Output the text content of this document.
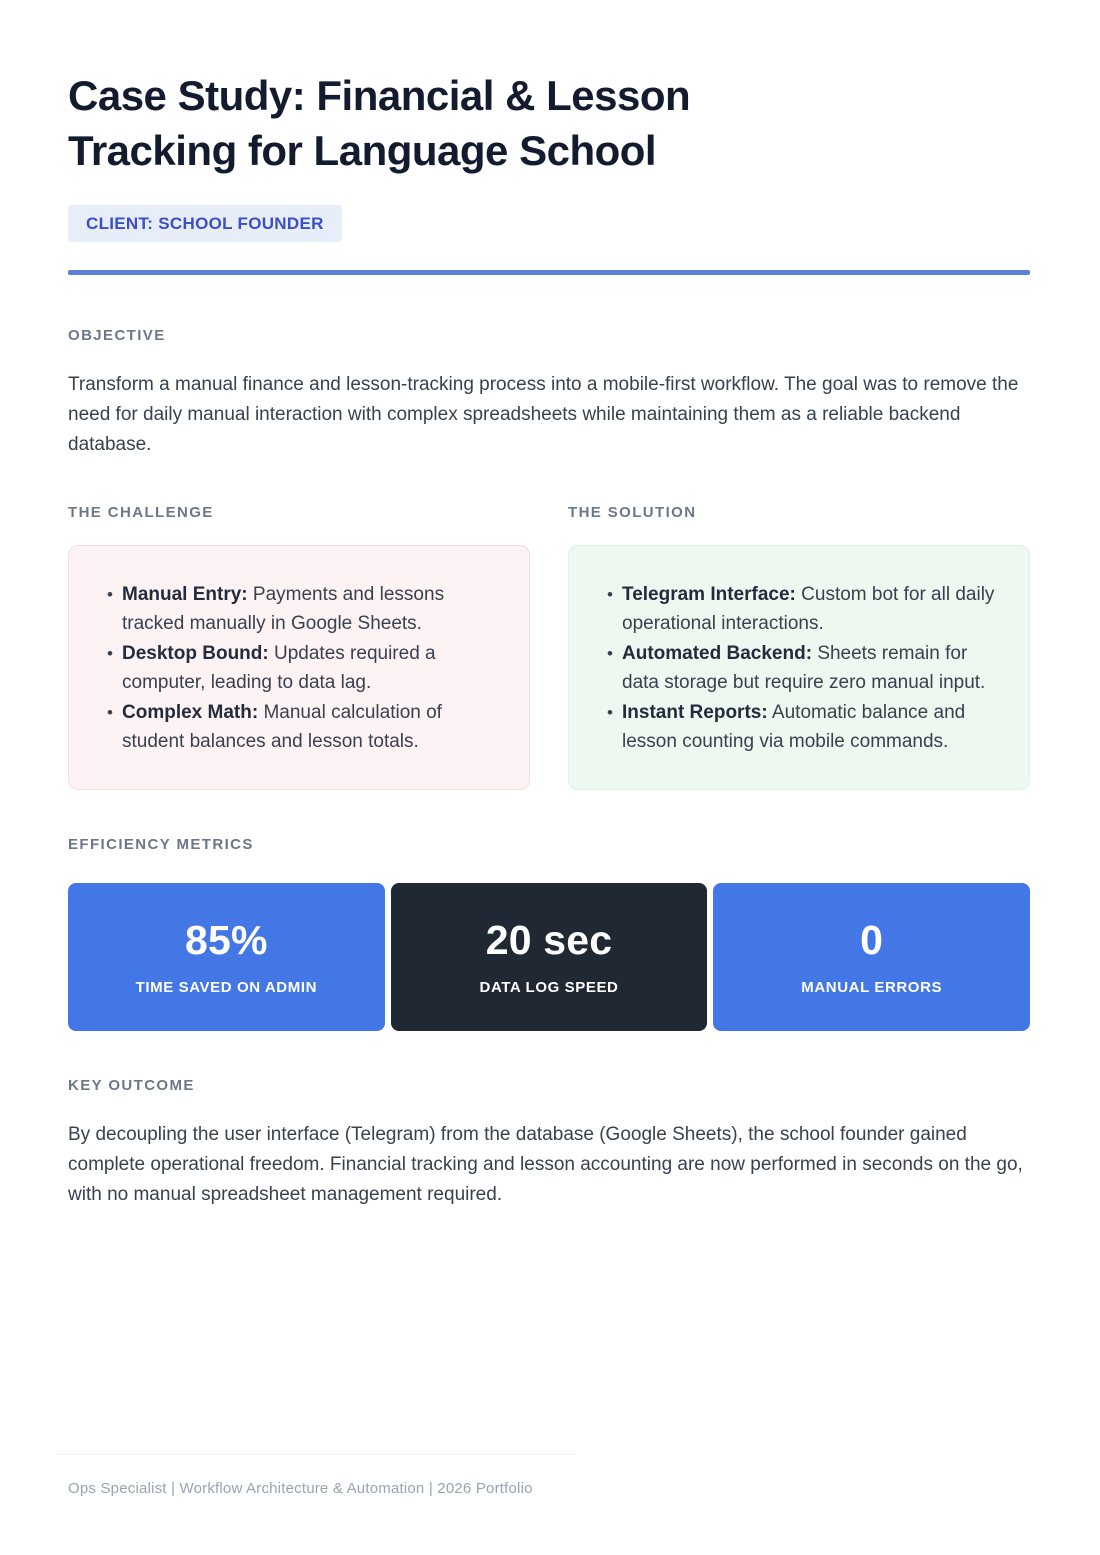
Case Study: Financial & Lesson Tracking for Language School
CLIENT: SCHOOL FOUNDER
OBJECTIVE

Transform a manual finance and lesson-tracking process into a mobile-first workflow. The goal was to remove the need for daily manual interaction with complex spreadsheets while maintaining them as a reliable backend database.

THE CHALLENGE
• Manual Entry: Payments and lessons tracked manually in Google Sheets.
• Desktop Bound: Updates required a computer, leading to data lag.
• Complex Math: Manual calculation of student balances and lesson totals.
THE SOLUTION
• Telegram Interface: Custom bot for all daily operational interactions.
• Automated Backend: Sheets remain for data storage but require zero manual input.
• Instant Reports: Automatic balance and lesson counting via mobile commands.
EFFICIENCY METRICS
85%
TIME SAVED ON ADMIN
20 sec
DATA LOG SPEED
0
MANUAL ERRORS
KEY OUTCOME

By decoupling the user interface (Telegram) from the database (Google Sheets), the school founder gained complete operational freedom. Financial tracking and lesson accounting are now performed in seconds on the go, with no manual spreadsheet management required.

Ops Specialist | Workflow Architecture & Automation | 2026 Portfolio
